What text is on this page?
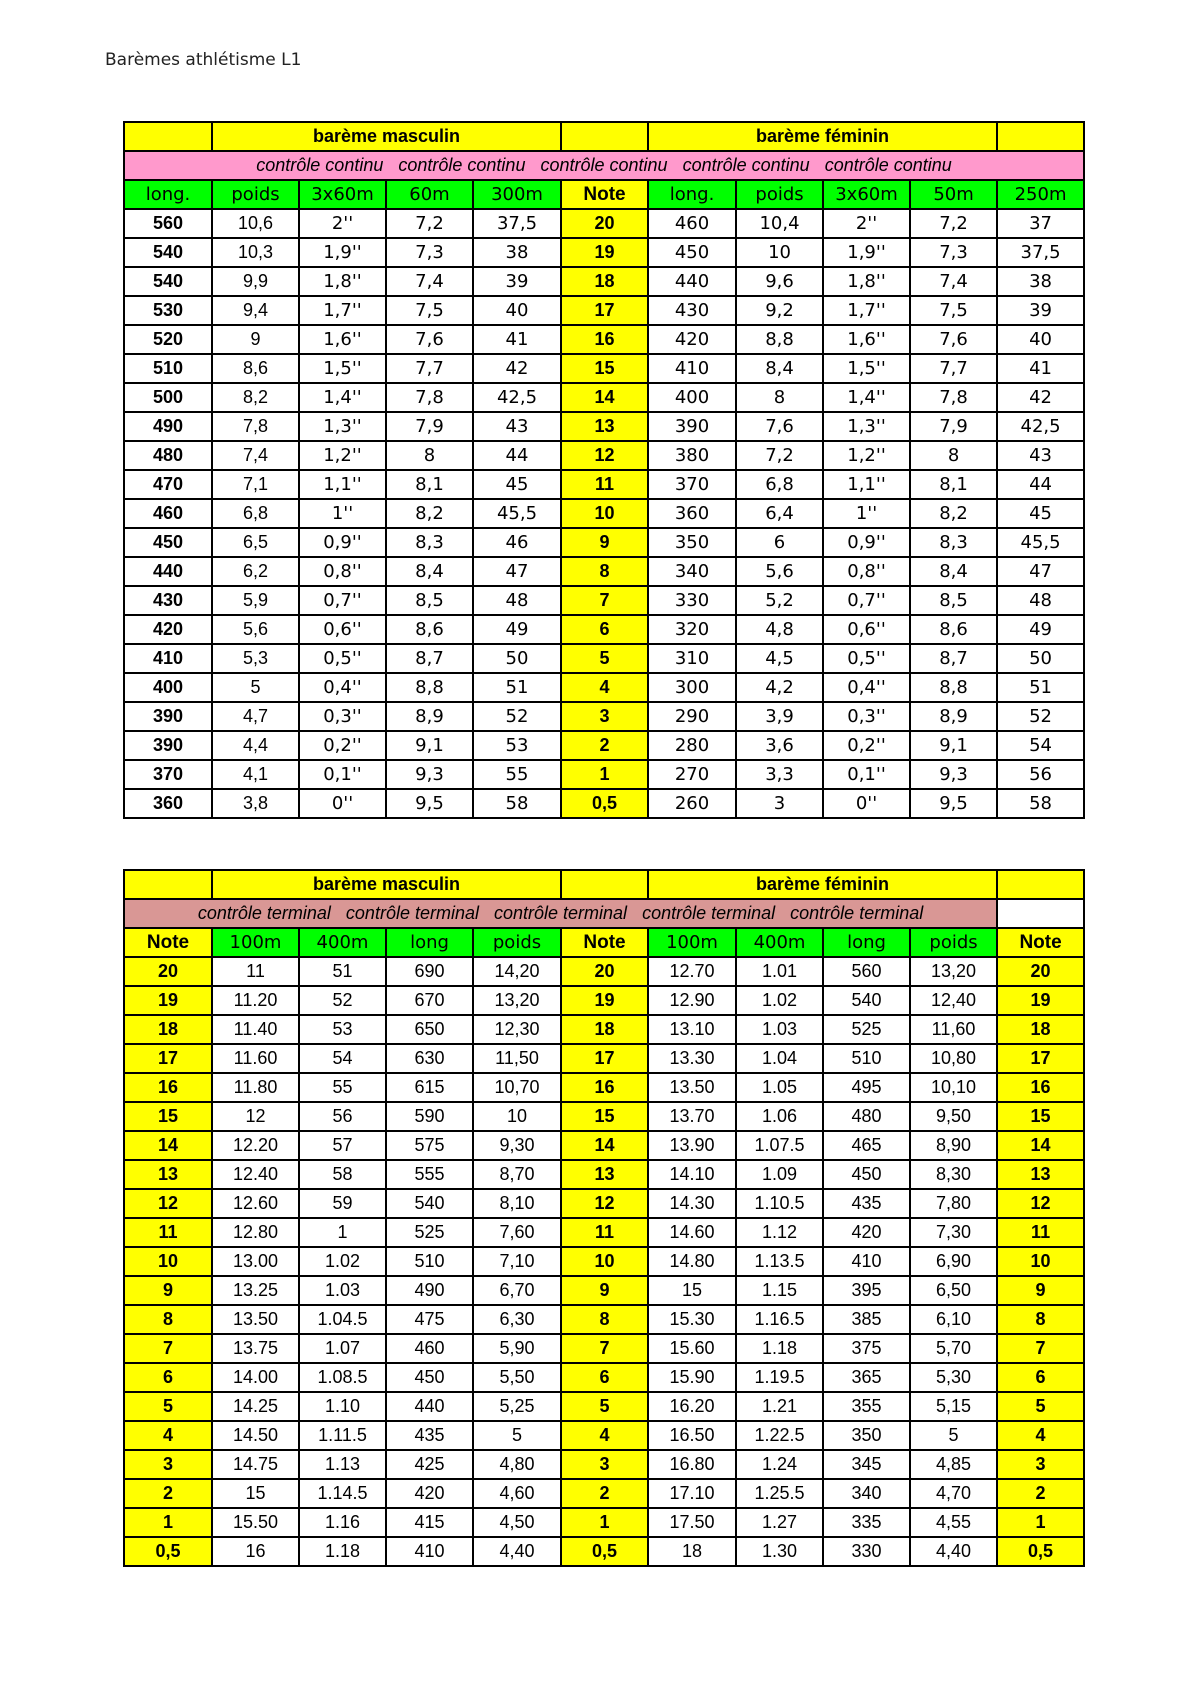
Barèmes athlétisme L1
	barème masculin					barème féminin				
contrôle continu contrôle continu contrôle continu contrôle continu contrôle continu										
long.	poids	3x60m	60m	300m	Note	long.	poids	3x60m	50m	250m
560	10,6	2''	7,2	37,5	20	460	10,4	2''	7,2	37
540	10,3	1,9''	7,3	38	19	450	10	1,9''	7,3	37,5
540	9,9	1,8''	7,4	39	18	440	9,6	1,8''	7,4	38
530	9,4	1,7''	7,5	40	17	430	9,2	1,7''	7,5	39
520	9	1,6''	7,6	41	16	420	8,8	1,6''	7,6	40
510	8,6	1,5''	7,7	42	15	410	8,4	1,5''	7,7	41
500	8,2	1,4''	7,8	42,5	14	400	8	1,4''	7,8	42
490	7,8	1,3''	7,9	43	13	390	7,6	1,3''	7,9	42,5
480	7,4	1,2''	8	44	12	380	7,2	1,2''	8	43
470	7,1	1,1''	8,1	45	11	370	6,8	1,1''	8,1	44
460	6,8	1''	8,2	45,5	10	360	6,4	1''	8,2	45
450	6,5	0,9''	8,3	46	9	350	6	0,9''	8,3	45,5
440	6,2	0,8''	8,4	47	8	340	5,6	0,8''	8,4	47
430	5,9	0,7''	8,5	48	7	330	5,2	0,7''	8,5	48
420	5,6	0,6''	8,6	49	6	320	4,8	0,6''	8,6	49
410	5,3	0,5''	8,7	50	5	310	4,5	0,5''	8,7	50
400	5	0,4''	8,8	51	4	300	4,2	0,4''	8,8	51
390	4,7	0,3''	8,9	52	3	290	3,9	0,3''	8,9	52
390	4,4	0,2''	9,1	53	2	280	3,6	0,2''	9,1	54
370	4,1	0,1''	9,3	55	1	270	3,3	0,1''	9,3	56
360	3,8	0''	9,5	58	0,5	260	3	0''	9,5	58
	barème masculin					barème féminin				
contrôle terminal contrôle terminal contrôle terminal contrôle terminal contrôle terminal										
Note	100m	400m	long	poids	Note	100m	400m	long	poids	Note
20	11	51	690	14,20	20	12.70	1.01	560	13,20	20
19	11.20	52	670	13,20	19	12.90	1.02	540	12,40	19
18	11.40	53	650	12,30	18	13.10	1.03	525	11,60	18
17	11.60	54	630	11,50	17	13.30	1.04	510	10,80	17
16	11.80	55	615	10,70	16	13.50	1.05	495	10,10	16
15	12	56	590	10	15	13.70	1.06	480	9,50	15
14	12.20	57	575	9,30	14	13.90	1.07.5	465	8,90	14
13	12.40	58	555	8,70	13	14.10	1.09	450	8,30	13
12	12.60	59	540	8,10	12	14.30	1.10.5	435	7,80	12
11	12.80	1	525	7,60	11	14.60	1.12	420	7,30	11
10	13.00	1.02	510	7,10	10	14.80	1.13.5	410	6,90	10
9	13.25	1.03	490	6,70	9	15	1.15	395	6,50	9
8	13.50	1.04.5	475	6,30	8	15.30	1.16.5	385	6,10	8
7	13.75	1.07	460	5,90	7	15.60	1.18	375	5,70	7
6	14.00	1.08.5	450	5,50	6	15.90	1.19.5	365	5,30	6
5	14.25	1.10	440	5,25	5	16.20	1.21	355	5,15	5
4	14.50	1.11.5	435	5	4	16.50	1.22.5	350	5	4
3	14.75	1.13	425	4,80	3	16.80	1.24	345	4,85	3
2	15	1.14.5	420	4,60	2	17.10	1.25.5	340	4,70	2
1	15.50	1.16	415	4,50	1	17.50	1.27	335	4,55	1
0,5	16	1.18	410	4,40	0,5	18	1.30	330	4,40	0,5
